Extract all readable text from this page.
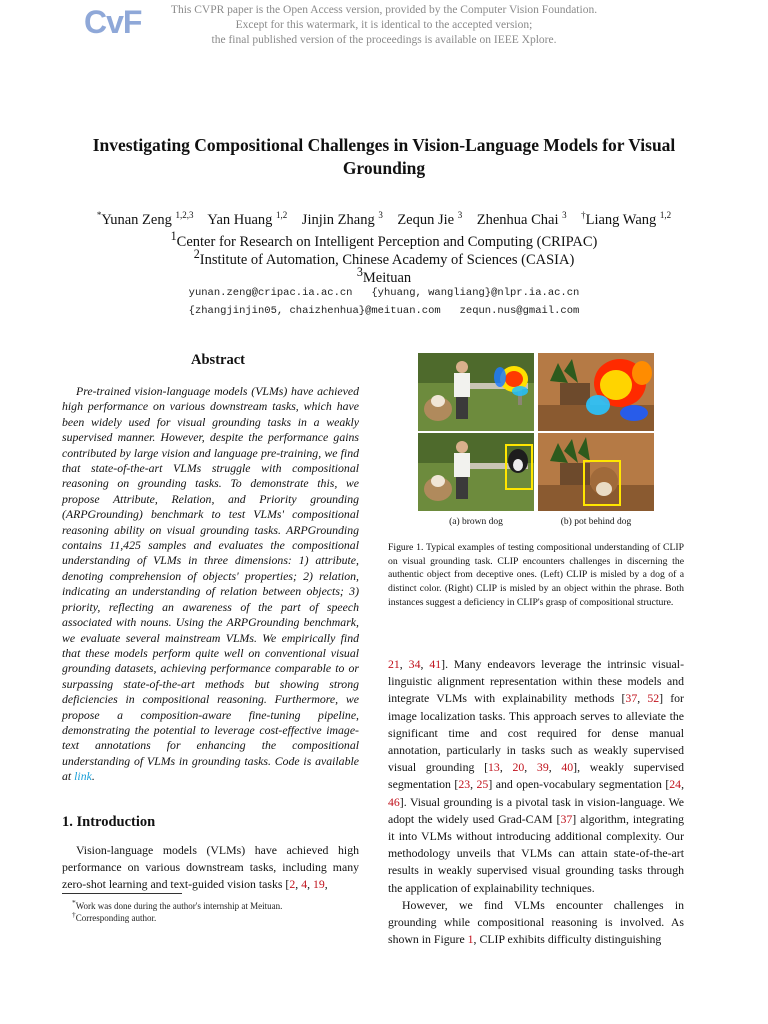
CvF	This CVPR paper is the Open Access version, provided by the Computer Vision Foundation.
Except for this watermark, it is identical to the accepted version;
the final published version of the proceedings is available on IEEE Xplore.
Investigating Compositional Challenges in Vision-Language Models for Visual Grounding
*Yunan Zeng $^{1,2,3}$ Yan Huang $^{1,2}$ Jinjin Zhang $^3$ Zequn Jie $^3$ Zhenhua Chai $^3$ †Liang Wang $^{1,2}$
$^1$Center for Research on Intelligent Perception and Computing (CRIPAC)
$^2$Institute of Automation, Chinese Academy of Sciences (CASIA)
$^3$Meituan
yunan.zeng@cripac.ia.ac.cn   {yhuang, wangliang}@nlpr.ia.ac.cn
{zhangjinjin05, chaizhenhua}@meituan.com   zequn.nus@gmail.com
Abstract
Pre-trained vision-language models (VLMs) have achieved high performance on various downstream tasks, which have been widely used for visual grounding tasks in a weakly supervised manner. However, despite the performance gains contributed by large vision and language pre-training, we find that state-of-the-art VLMs struggle with compositional reasoning on grounding tasks. To demonstrate this, we propose Attribute, Relation, and Priority grounding (ARPGrounding) benchmark to test VLMs' compositional reasoning ability on visual grounding tasks. ARPGrounding contains 11,425 samples and evaluates the compositional understanding of VLMs in three dimensions: 1) attribute, denoting comprehension of objects' properties; 2) relation, indicating an understanding of relation between objects; 3) priority, reflecting an awareness of the part of speech associated with nouns. Using the ARPGrounding benchmark, we evaluate several mainstream VLMs. We empirically find that these models perform quite well on conventional visual grounding datasets, achieving performance comparable to or surpassing state-of-the-art methods but showing strong deficiencies in compositional reasoning. Furthermore, we propose a composition-aware fine-tuning pipeline, demonstrating the potential to leverage cost-effective image-text annotations for enhancing the compositional understanding of VLMs in grounding tasks. Code is available at link.
1. Introduction
Vision-language models (VLMs) have achieved high performance on various downstream tasks, including many zero-shot learning and text-guided vision tasks [2, 4, 19,
*Work was done during the author's internship at Meituan.
†Corresponding author.
(a) brown dog	(b) pot behind dog
Figure 1. Typical examples of testing compositional understanding of CLIP on visual grounding task. CLIP encounters challenges in discerning the authentic object from deceptive ones. (Left) CLIP is misled by a dog of a distinct color. (Right) CLIP is misled by an object within the phrase. Both instances suggest a deficiency in CLIP's grasp of compositional structure.

21, 34, 41]. Many endeavors leverage the intrinsic visual-linguistic alignment representation within these models and integrate VLMs with explainability methods [37, 52] for image localization tasks. This approach serves to alleviate the significant time and cost required for dense manual annotation, particularly in tasks such as weakly supervised visual grounding [13, 20, 39, 40], weakly supervised segmentation [23, 25] and open-vocabulary segmentation [24, 46]. Visual grounding is a pivotal task in vision-language. We adopt the widely used Grad-CAM [37] algorithm, integrating it into VLMs without introducing additional complexity. Our methodology unveils that VLMs can attain state-of-the-art results in weakly supervised visual grounding tasks through the application of explainability techniques.

However, we find VLMs encounter challenges in grounding while compositional reasoning is involved. As shown in Figure 1, CLIP exhibits difficulty distinguishing
